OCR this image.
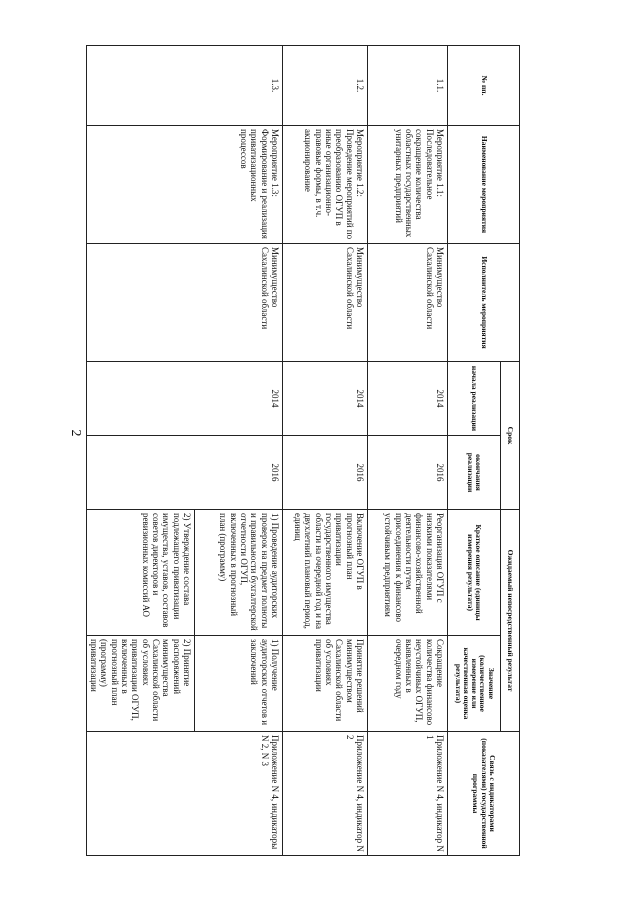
2
№ пп.	Наименование мероприятия	Исполнитель мероприятия	Срок		Ожидаемый непосредственный результат		Связь с индикаторами (показателями) государственной программы
			начала реализации	окончания реализации	Краткое описание (единицы измерения результата)	Значение (количественное измерение или качественная оценка результата)	
1.1.	Мероприятие 1.1: Последовательное сокращение количества областных государственных унитарных предприятий	Минимущество Сахалинской области	2014	2016	Реорганизация ОГУП с низкими показателями финансово-хозяйственной деятельности путем присоединения к финансово устойчивым предприятиям	Сокращение количества финансово неустойчивых ОГУП, выявленных в очередном году	Приложение N 4, индикатор N 1
1.2.	Мероприятие 1.2: Проведение мероприятий по преобразованию ОГУП в иные организационно-правовые формы, в т.ч. акционирование	Минимущество Сахалинской области	2014	2016	Включение ОГУП в прогнозный план приватизации государственного имущества области на очередной год и на двухлетний плановый период, единиц	Принятие решений минимуществом Сахалинской области об условиях приватизации	Приложение N 4, индикатор N 2
1.3.	Мероприятие 1.3: Формирование и реализация приватизационных процессов	Минимущество Сахалинской области	2014	2016	1) Проведение аудиторских проверок на предмет полноты и правильности бухгалтерской отчетности ОГУП, включенных в прогнозный план (программу)	1) Получение аудиторских отчетов и заключений	Приложение N 4, индикаторы N 2, N 3
					2) Утверждение состава подлежащего приватизации имущества, уставов, составов советов директоров и ревизионных комиссий АО	2) Принятие распоряжений минимущества Сахалинской области об условиях приватизации ОГУП, включенных в прогнозный план (программу) приватизации	
